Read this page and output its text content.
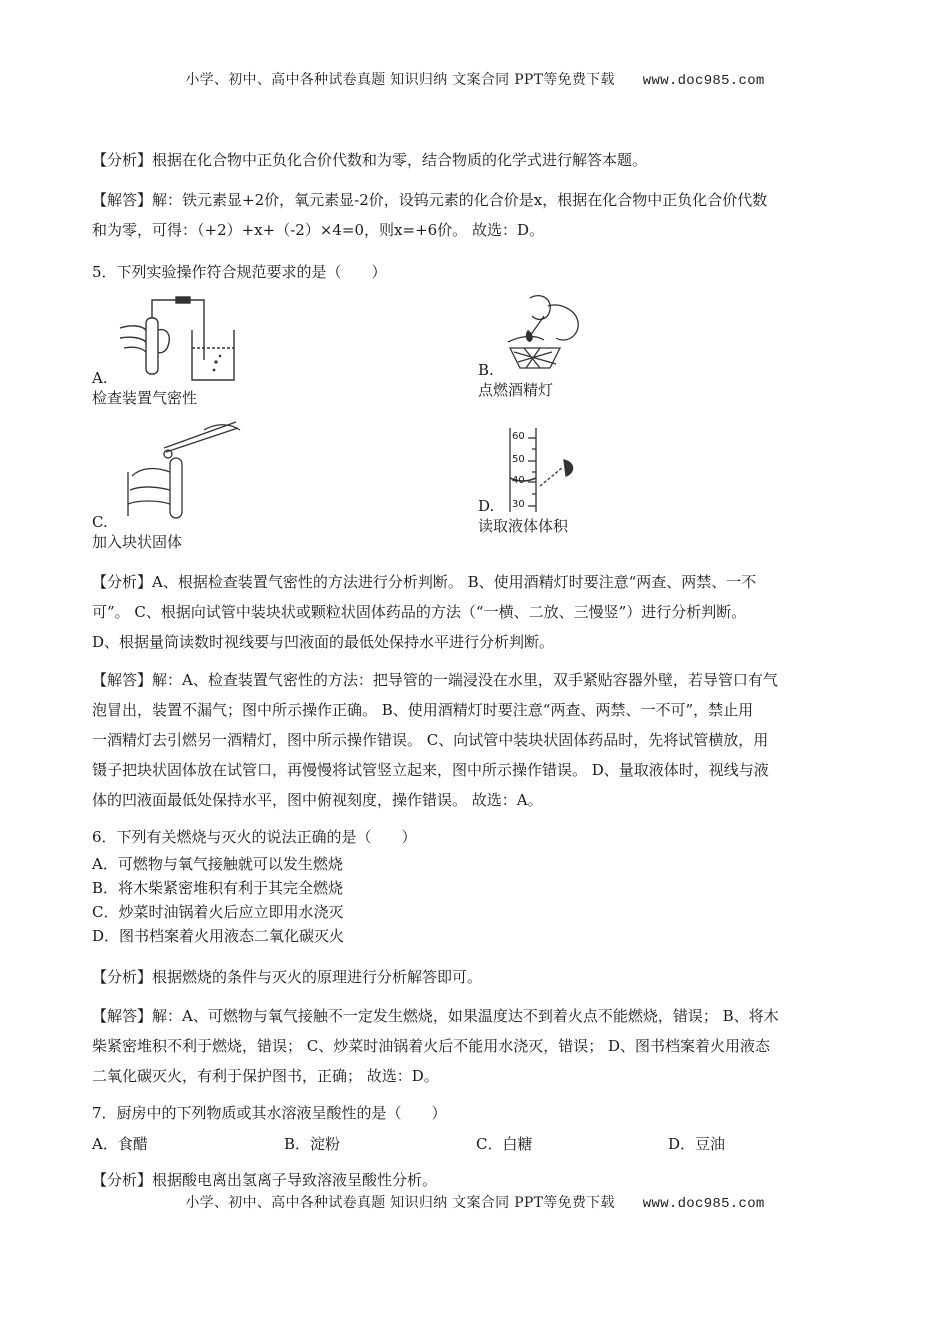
小学、初中、高中各种试卷真题 知识归纳 文案合同 PPT等免费下载 www.doc985.com
【分析】根据在化合物中正负化合价代数和为零，结合物质的化学式进行解答本题。
【解答】解：铁元素显+2价，氧元素显-2价，设钨元素的化合价是x，根据在化合物中正负化合价代数
和为零，可得：（+2）+x+（-2）×4=0，则x=+6价。 故选：D。
5．下列实验操作符合规范要求的是（　　）
A.
检查装置气密性
B.
点燃酒精灯
C.
加入块状固体
60
50
40
30
D.
读取液体体积
【分析】A、根据检查装置气密性的方法进行分析判断。 B、使用酒精灯时要注意“两查、两禁、一不
可”。 C、根据向试管中装块状或颗粒状固体药品的方法（“一横、二放、三慢竖”）进行分析判断。
D、根据量筒读数时视线要与凹液面的最低处保持水平进行分析判断。
【解答】解：A、检查装置气密性的方法：把导管的一端浸没在水里，双手紧贴容器外壁，若导管口有气
泡冒出，装置不漏气；图中所示操作正确。 B、使用酒精灯时要注意“两查、两禁、一不可”，禁止用
一酒精灯去引燃另一酒精灯，图中所示操作错误。 C、向试管中装块状固体药品时，先将试管横放，用
镊子把块状固体放在试管口，再慢慢将试管竖立起来，图中所示操作错误。 D、量取液体时，视线与液
体的凹液面最低处保持水平，图中俯视刻度，操作错误。 故选：A。
6．下列有关燃烧与灭火的说法正确的是（　　）
A．可燃物与氧气接触就可以发生燃烧
B．将木柴紧密堆积有利于其完全燃烧
C．炒菜时油锅着火后应立即用水浇灭
D．图书档案着火用液态二氧化碳灭火
【分析】根据燃烧的条件与灭火的原理进行分析解答即可。
【解答】解：A、可燃物与氧气接触不一定发生燃烧，如果温度达不到着火点不能燃烧，错误； B、将木
柴紧密堆积不利于燃烧，错误； C、炒菜时油锅着火后不能用水浇灭，错误； D、图书档案着火用液态
二氧化碳灭火，有利于保护图书，正确； 故选：D。
7．厨房中的下列物质或其水溶液呈酸性的是（　　）
A．食醋	B．淀粉	C．白糖	D．豆油
【分析】根据酸电离出氢离子导致溶液呈酸性分析。
小学、初中、高中各种试卷真题 知识归纳 文案合同 PPT等免费下载 www.doc985.com
